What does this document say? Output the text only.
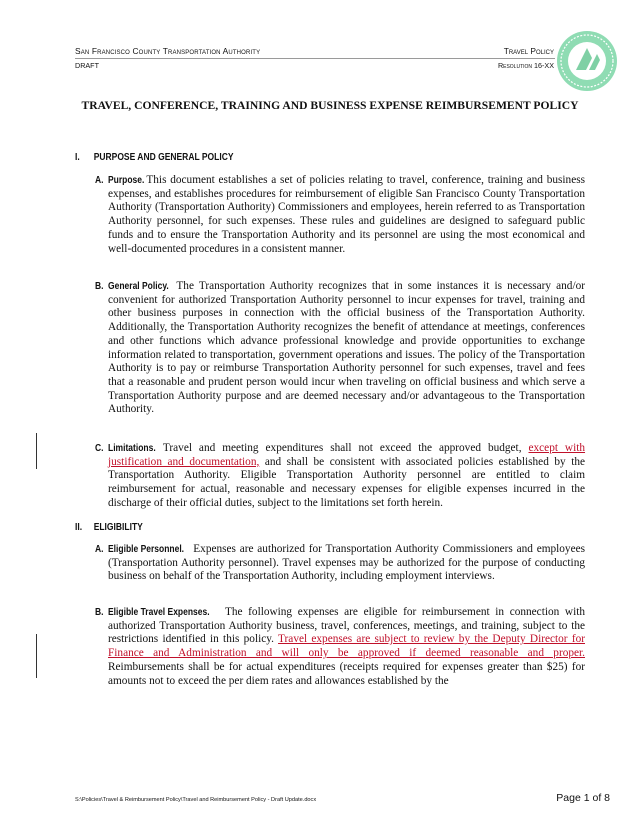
San Francisco County Transportation Authority	Travel Policy
DRAFT	Resolution 16-XX
TRAVEL, CONFERENCE, TRAINING AND BUSINESS EXPENSE REIMBURSEMENT POLICY
I. PURPOSE AND GENERAL POLICY
A. Purpose. This document establishes a set of policies relating to travel, conference, training and business expenses, and establishes procedures for reimbursement of eligible San Francisco County Transportation Authority (Transportation Authority) Commissioners and employees, herein referred to as Transportation Authority personnel, for such expenses. These rules and guidelines are designed to safeguard public funds and to ensure the Transportation Authority and its personnel are using the most economical and well-documented procedures in a consistent manner.
B. General Policy. The Transportation Authority recognizes that in some instances it is necessary and/or convenient for authorized Transportation Authority personnel to incur expenses for travel, training and other business purposes in connection with the official business of the Transportation Authority. Additionally, the Transportation Authority recognizes the benefit of attendance at meetings, conferences and other functions which advance professional knowledge and provide opportunities to exchange information related to transportation, government operations and issues. The policy of the Transportation Authority is to pay or reimburse Transportation Authority personnel for such expenses, travel and fees that a reasonable and prudent person would incur when traveling on official business and which serve a Transportation Authority purpose and are deemed necessary and/or advantageous to the Transportation Authority.
C. Limitations. Travel and meeting expenditures shall not exceed the approved budget, except with justification and documentation, and shall be consistent with associated policies established by the Transportation Authority. Eligible Transportation Authority personnel are entitled to claim reimbursement for actual, reasonable and necessary expenses for eligible expenses incurred in the discharge of their official duties, subject to the limitations set forth herein.
II. ELIGIBILITY
A. Eligible Personnel. Expenses are authorized for Transportation Authority Commissioners and employees (Transportation Authority personnel). Travel expenses may be authorized for the purpose of conducting business on behalf of the Transportation Authority, including employment interviews.
B. Eligible Travel Expenses. The following expenses are eligible for reimbursement in connection with authorized Transportation Authority business, travel, conferences, meetings, and training, subject to the restrictions identified in this policy. Travel expenses are subject to review by the Deputy Director for Finance and Administration and will only be approved if deemed reasonable and proper. Reimbursements shall be for actual expenditures (receipts required for expenses greater than $25) for amounts not to exceed the per diem rates and allowances established by the
S:\Policies\Travel & Reimbursement Policy\Travel and Reimbursement Policy - Draft Update.docx	Page 1 of 8
